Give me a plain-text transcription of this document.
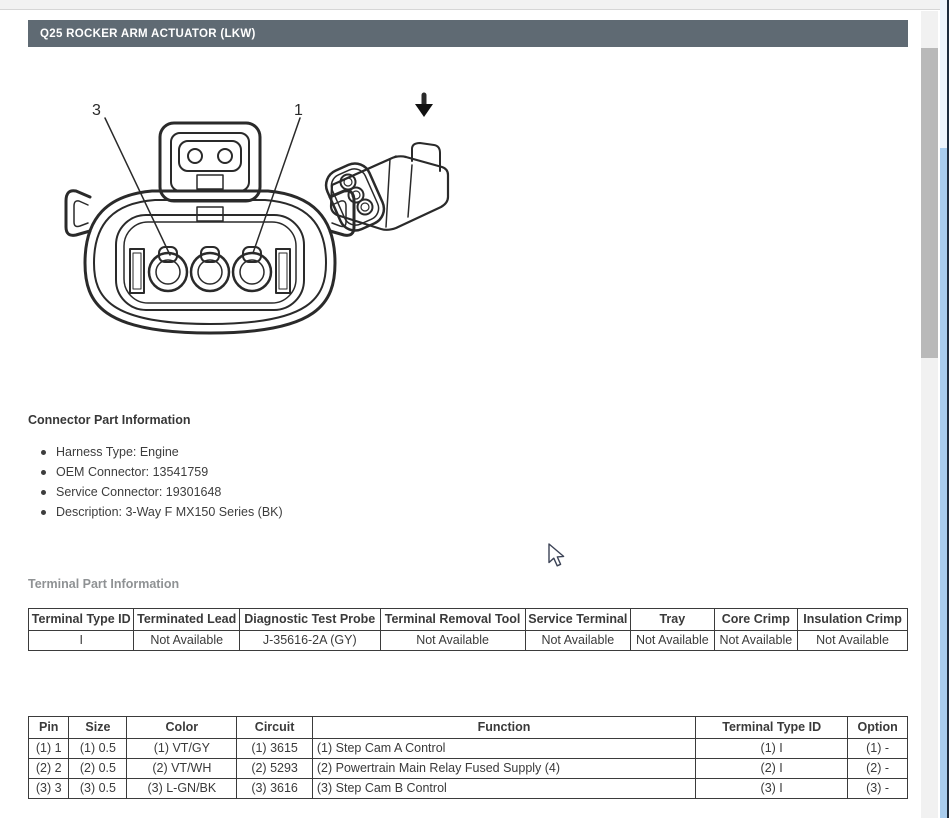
Q25 ROCKER ARM ACTUATOR (LKW)
3	1
Connector Part Information
Harness Type: Engine
OEM Connector: 13541759
Service Connector: 19301648
Description: 3-Way F MX150 Series (BK)
Terminal Part Information
Terminal Type ID	Terminated Lead	Diagnostic Test Probe	Terminal Removal Tool	Service Terminal	Tray	Core Crimp	Insulation Crimp
I	Not Available	J-35616-2A (GY)	Not Available	Not Available	Not Available	Not Available	Not Available
Pin	Size	Color	Circuit	Function	Terminal Type ID	Option
(1) 1	(1) 0.5	(1) VT/GY	(1) 3615	(1) Step Cam A Control	(1) I	(1) -
(2) 2	(2) 0.5	(2) VT/WH	(2) 5293	(2) Powertrain Main Relay Fused Supply (4)	(2) I	(2) -
(3) 3	(3) 0.5	(3) L-GN/BK	(3) 3616	(3) Step Cam B Control	(3) I	(3) -
